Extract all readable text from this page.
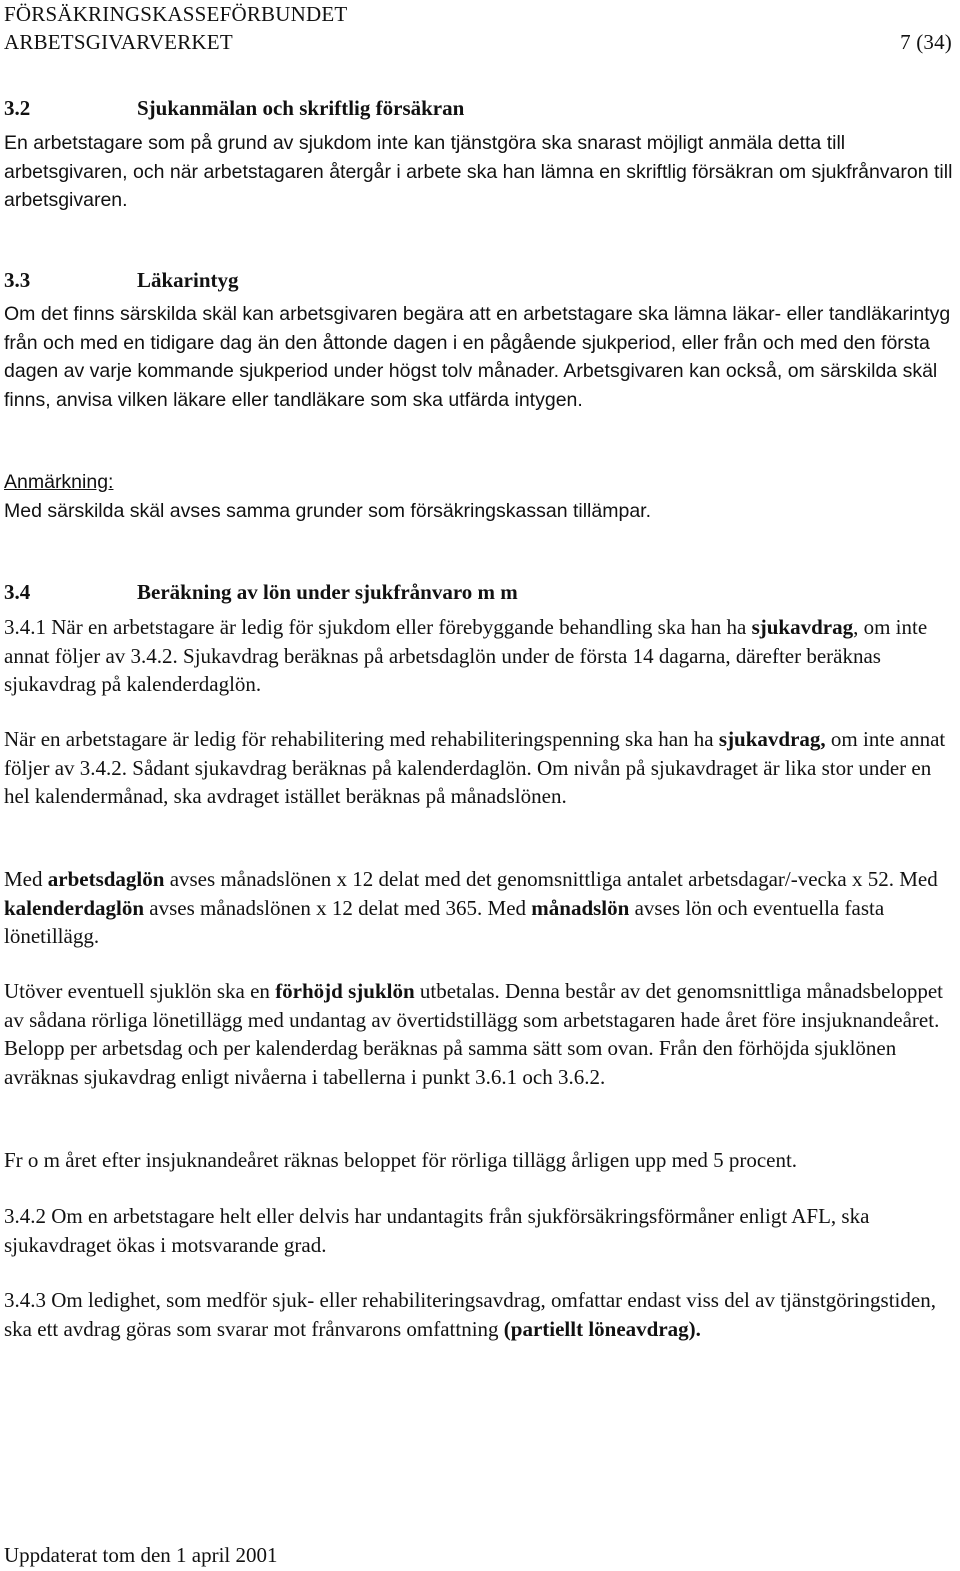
FÖRSÄKRINGSKASSEFÖRBUNDET
ARBETSGIVARVERKET	7 (34)
3.2	Sjukanmälan och skriftlig försäkran

En arbetstagare som på grund av sjukdom inte kan tjänstgöra ska snarast möjligt anmäla detta till arbetsgivaren, och när arbetstagaren återgår i arbete ska han lämna en skriftlig försäkran om sjukfrånvaron till arbetsgivaren.

3.3	Läkarintyg

Om det finns särskilda skäl kan arbetsgivaren begära att en arbetstagare ska lämna läkar- eller tandläkarintyg från och med en tidigare dag än den åttonde dagen i en pågående sjukperiod, eller från och med den första dagen av varje kommande sjukperiod under högst tolv månader. Arbetsgivaren kan också, om särskilda skäl finns, anvisa vilken läkare eller tandläkare som ska utfärda intygen.

Anmärkning:

Med särskilda skäl avses samma grunder som försäkringskassan tillämpar.

3.4	Beräkning av lön under sjukfrånvaro m m

3.4.1 När en arbetstagare är ledig för sjukdom eller förebyggande behandling ska han ha sjukavdrag, om inte annat följer av 3.4.2. Sjukavdrag beräknas på arbetsdaglön under de första 14 dagarna, därefter beräknas sjukavdrag på kalenderdaglön.

När en arbetstagare är ledig för rehabilitering med rehabiliteringspenning ska han ha sjukavdrag, om inte annat följer av 3.4.2. Sådant sjukavdrag beräknas på kalenderdaglön. Om nivån på sjukavdraget är lika stor under en hel kalendermånad, ska avdraget istället beräknas på månadslönen.

Med arbetsdaglön avses månadslönen x 12 delat med det genomsnittliga antalet arbetsdagar/-vecka x 52. Med kalenderdaglön avses månadslönen x 12 delat med 365. Med månadslön avses lön och eventuella fasta lönetillägg.

Utöver eventuell sjuklön ska en förhöjd sjuklön utbetalas. Denna består av det genomsnittliga månadsbeloppet av sådana rörliga lönetillägg med undantag av övertidstillägg som arbetstagaren hade året före insjuknandeåret. Belopp per arbetsdag och per kalenderdag beräknas på samma sätt som ovan. Från den förhöjda sjuklönen avräknas sjukavdrag enligt nivåerna i tabellerna i punkt 3.6.1 och 3.6.2.

Fr o m året efter insjuknandeåret räknas beloppet för rörliga tillägg årligen upp med 5 procent.

3.4.2 Om en arbetstagare helt eller delvis har undantagits från sjukförsäkringsförmåner enligt AFL, ska sjukavdraget ökas i motsvarande grad.

3.4.3 Om ledighet, som medför sjuk- eller rehabiliteringsavdrag, omfattar endast viss del av tjänstgöringstiden, ska ett avdrag göras som svarar mot frånvarons omfattning (partiellt löneavdrag).

Uppdaterat tom den 1 april 2001
